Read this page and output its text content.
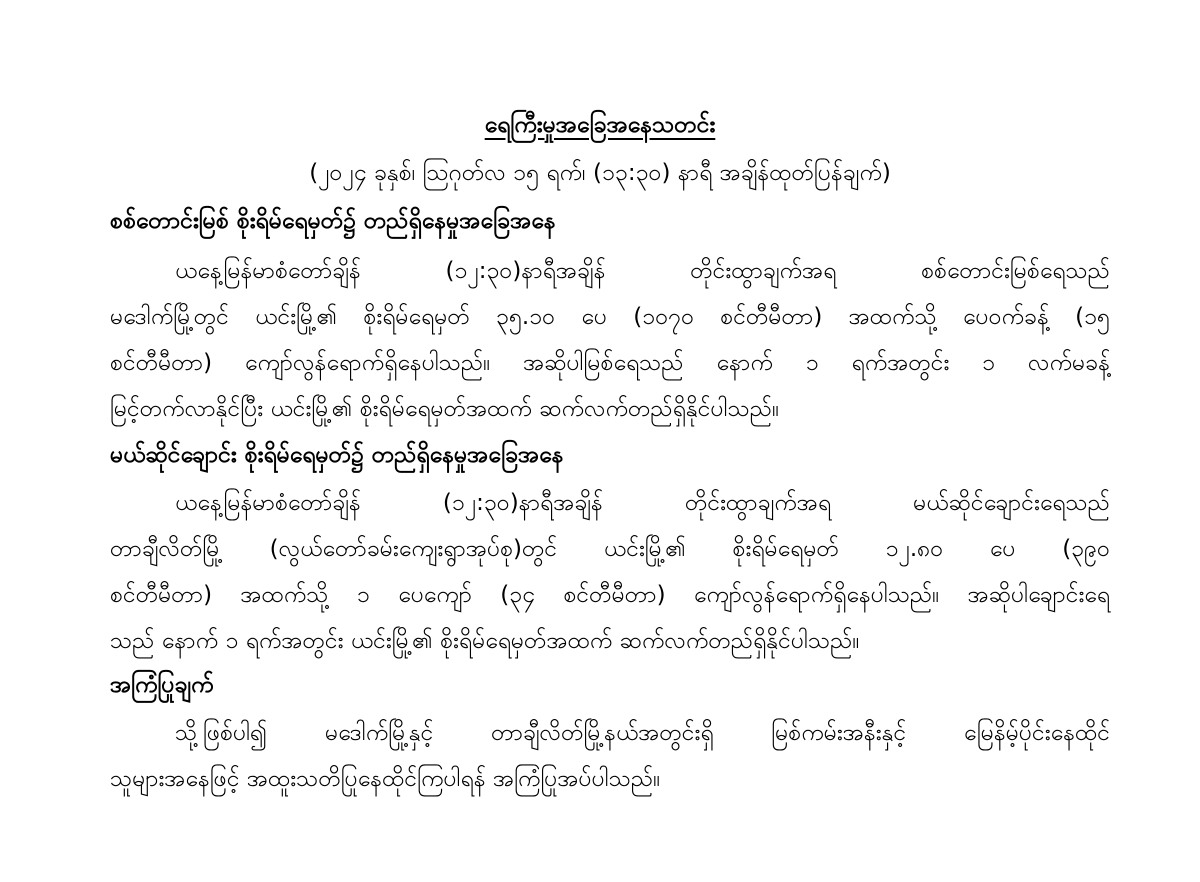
ရေကြီးမှုအခြေအနေသတင်း
(၂၀၂၄ ခုနှစ်၊ ဩဂုတ်လ ၁၅ ရက်၊ (၁၃:၃၀) နာရီ အချိန်ထုတ်ပြန်ချက်)
စစ်တောင်းမြစ် စိုးရိမ်ရေမှတ်၌ တည်ရှိနေမှုအခြေအနေ
ယနေ့မြန်မာစံတော်ချိန် (၁၂:၃၀)နာရီအချိန် တိုင်းထွာချက်အရ စစ်တောင်းမြစ်ရေသည်
မဒေါက်မြို့တွင် ယင်းမြို့၏ စိုးရိမ်ရေမှတ် ၃၅.၁၀ ပေ (၁၀၇၀ စင်တီမီတာ) အထက်သို့ ပေ၀က်ခန့် (၁၅
စင်တီမီတာ) ကျော်လွန်ရောက်ရှိနေပါသည်။ အဆိုပါမြစ်ရေသည် နောက် ၁ ရက်အတွင်း ၁ လက်မခန့်
မြင့်တက်လာနိုင်ပြီး ယင်းမြို့၏ စိုးရိမ်ရေမှတ်အထက် ဆက်လက်တည်ရှိနိုင်ပါသည်။
မယ်ဆိုင်ချောင်း စိုးရိမ်ရေမှတ်၌ တည်ရှိနေမှုအခြေအနေ
ယနေ့မြန်မာစံတော်ချိန် (၁၂:၃၀)နာရီအချိန် တိုင်းထွာချက်အရ မယ်ဆိုင်ချောင်းရေသည်
တာချီလိတ်မြို့ (လွယ်တော်ခမ်းကျေးရွာအုပ်စု)တွင် ယင်းမြို့၏ စိုးရိမ်ရေမှတ် ၁၂.၈၀ ပေ (၃၉၀
စင်တီမီတာ) အထက်သို့ ၁ ပေကျော် (၃၄ စင်တီမီတာ) ကျော်လွန်ရောက်ရှိနေပါသည်။ အဆိုပါချောင်းရေ
သည် နောက် ၁ ရက်အတွင်း ယင်းမြို့၏ စိုးရိမ်ရေမှတ်အထက် ဆက်လက်တည်ရှိနိုင်ပါသည်။
အကြံပြုချက်
သို့ဖြစ်ပါ၍ မဒေါက်မြို့နှင့် တာချီလိတ်မြို့နယ်အတွင်းရှိ မြစ်ကမ်းအနီးနှင့် မြေနိမ့်ပိုင်းနေထိုင်
သူများအနေဖြင့် အထူးသတိပြုနေထိုင်ကြပါရန် အကြံပြုအပ်ပါသည်။
